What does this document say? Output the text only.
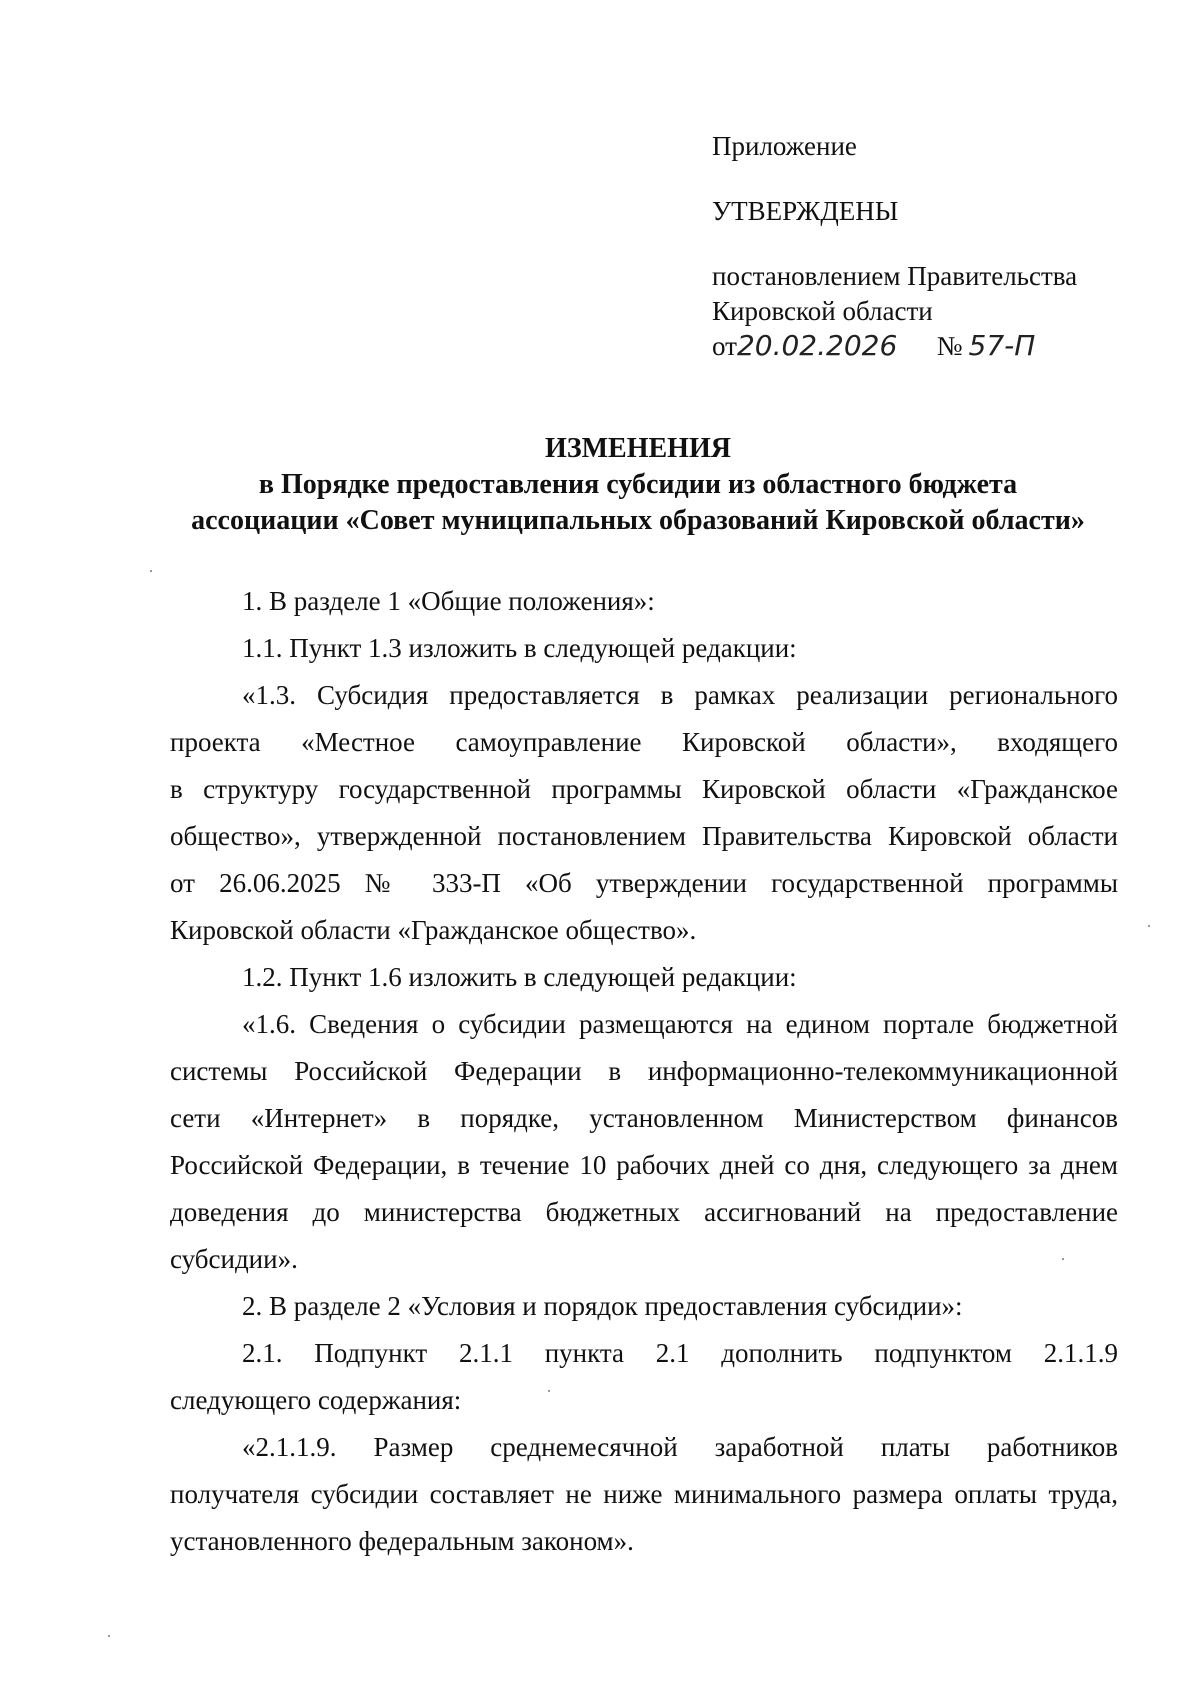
Приложение
УТВЕРЖДЕНЫ
постановлением Правительства
Кировской области
от20.02.2026 № 57-П
ИЗМЕНЕНИЯ
в Порядке предоставления субсидии из областного бюджета
ассоциации «Совет муниципальных образований Кировской области»
1. В разделе 1 «Общие положения»:
1.1. Пункт 1.3 изложить в следующей редакции:
«1.3. Субсидия предоставляется в рамках реализации регионального
проекта «Местное самоуправление Кировской области», входящего
в структуру государственной программы Кировской области «Гражданское
общество», утвержденной постановлением Правительства Кировской области
от 26.06.2025 № 333-П «Об утверждении государственной программы
Кировской области «Гражданское общество».
1.2. Пункт 1.6 изложить в следующей редакции:
«1.6. Сведения о субсидии размещаются на едином портале бюджетной
системы Российской Федерации в информационно-телекоммуникационной
сети «Интернет» в порядке, установленном Министерством финансов
Российской Федерации, в течение 10 рабочих дней со дня, следующего за днем
доведения до министерства бюджетных ассигнований на предоставление
субсидии».
2. В разделе 2 «Условия и порядок предоставления субсидии»:
2.1. Подпункт 2.1.1 пункта 2.1 дополнить подпунктом 2.1.1.9
следующего содержания:
«2.1.1.9. Размер среднемесячной заработной платы работников
получателя субсидии составляет не ниже минимального размера оплаты труда,
установленного федеральным законом».
